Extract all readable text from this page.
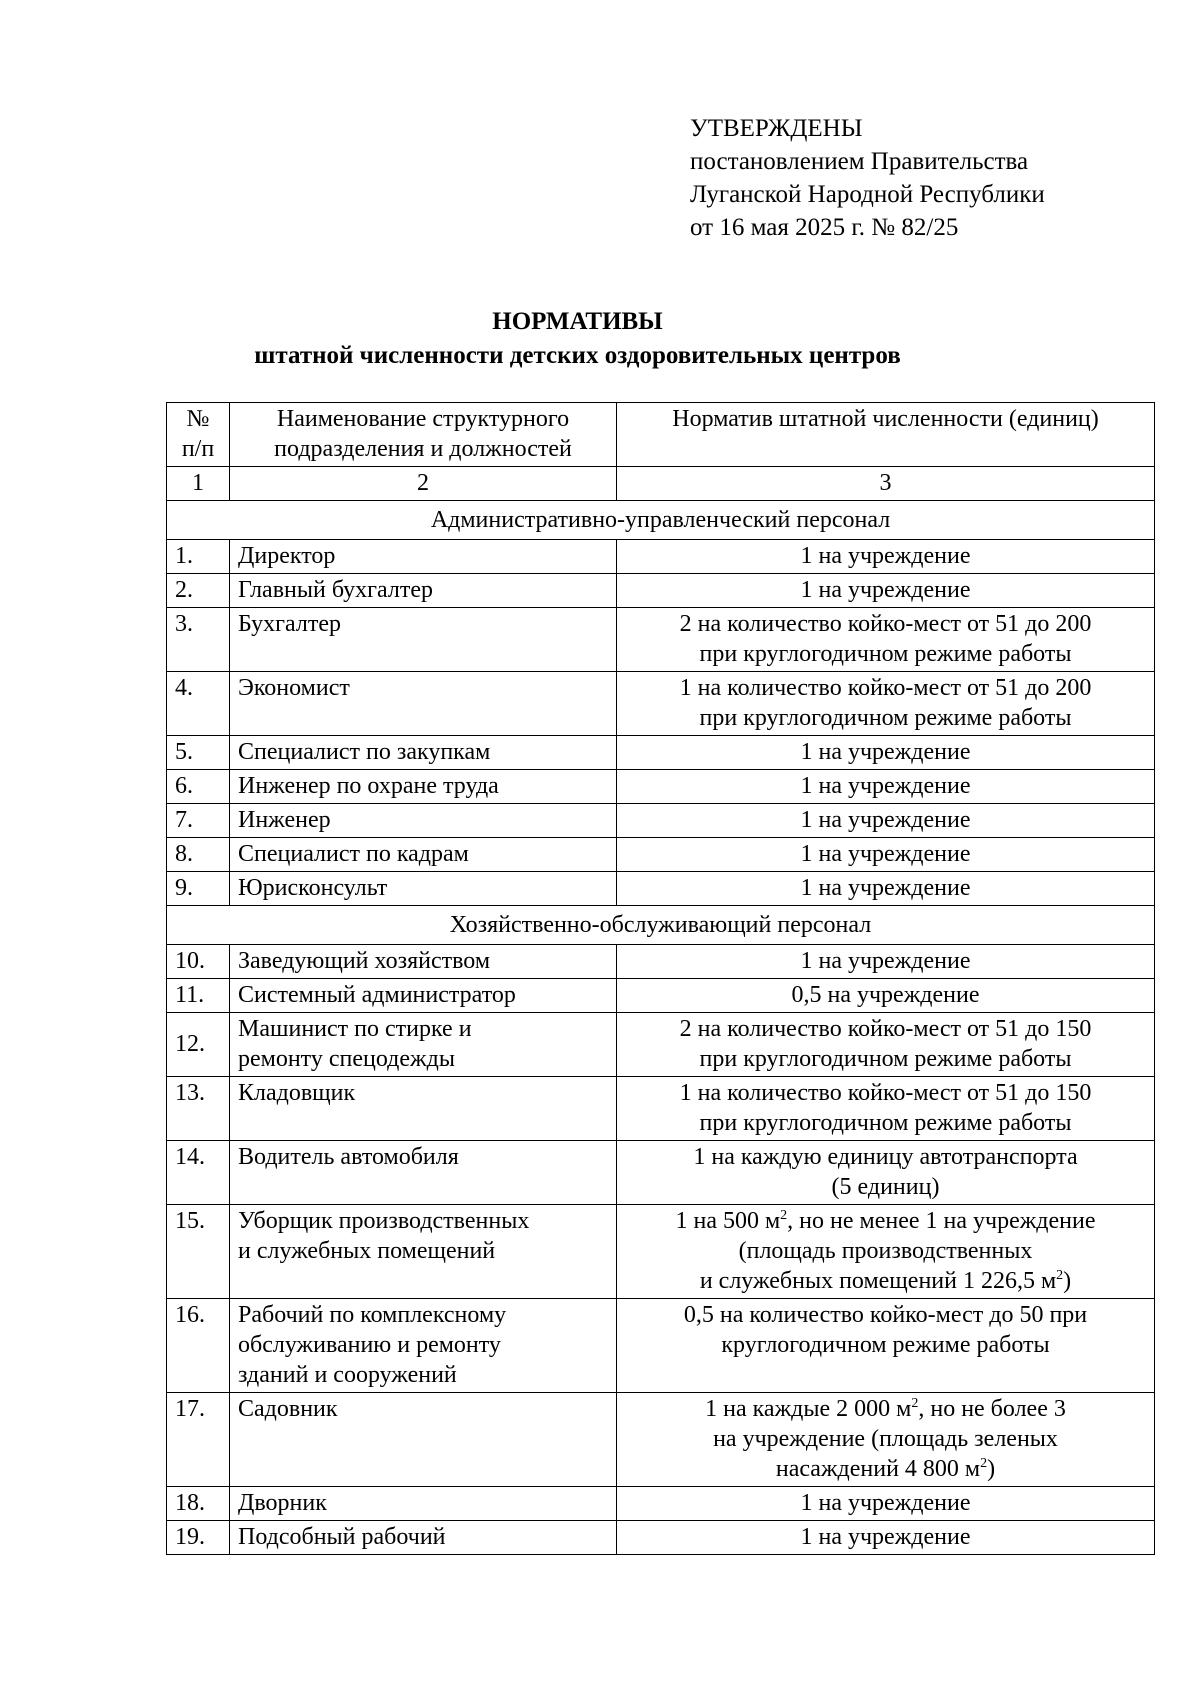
УТВЕРЖДЕНЫ
постановлением Правительства
Луганской Народной Республики
от 16 мая 2025 г. № 82/25
НОРМАТИВЫ
штатной численности детских оздоровительных центров
№
п/п	Наименование структурного подразделения и должностей	Норматив штатной численности (единиц)
1	2	3
Административно-управленческий персонал		
1.	Директор	1 на учреждение
2.	Главный бухгалтер	1 на учреждение
3.	Бухгалтер	2 на количество койко-мест от 51 до 200
при круглогодичном режиме работы
4.	Экономист	1 на количество койко-мест от 51 до 200
при круглогодичном режиме работы
5.	Специалист по закупкам	1 на учреждение
6.	Инженер по охране труда	1 на учреждение
7.	Инженер	1 на учреждение
8.	Специалист по кадрам	1 на учреждение
9.	Юрисконсульт	1 на учреждение
Хозяйственно-обслуживающий персонал		
10.	Заведующий хозяйством	1 на учреждение
11.	Системный администратор	0,5 на учреждение
12.	Машинист по стирке и
ремонту спецодежды	2 на количество койко-мест от 51 до 150
при круглогодичном режиме работы
13.	Кладовщик	1 на количество койко-мест от 51 до 150
при круглогодичном режиме работы
14.	Водитель автомобиля	1 на каждую единицу автотранспорта
(5 единиц)
15.	Уборщик производственных
и служебных помещений	1 на 500 $м^2$, но не менее 1 на учреждение
(площадь производственных
и служебных помещений 1 226,5 $м^2$)
16.	Рабочий по комплексному
обслуживанию и ремонту
зданий и сооружений	0,5 на количество койко-мест до 50 при
круглогодичном режиме работы
17.	Садовник	1 на каждые 2 000 $м^2$, но не более 3
на учреждение (площадь зеленых
насаждений 4 800 $м^2$)
18.	Дворник	1 на учреждение
19.	Подсобный рабочий	1 на учреждение
